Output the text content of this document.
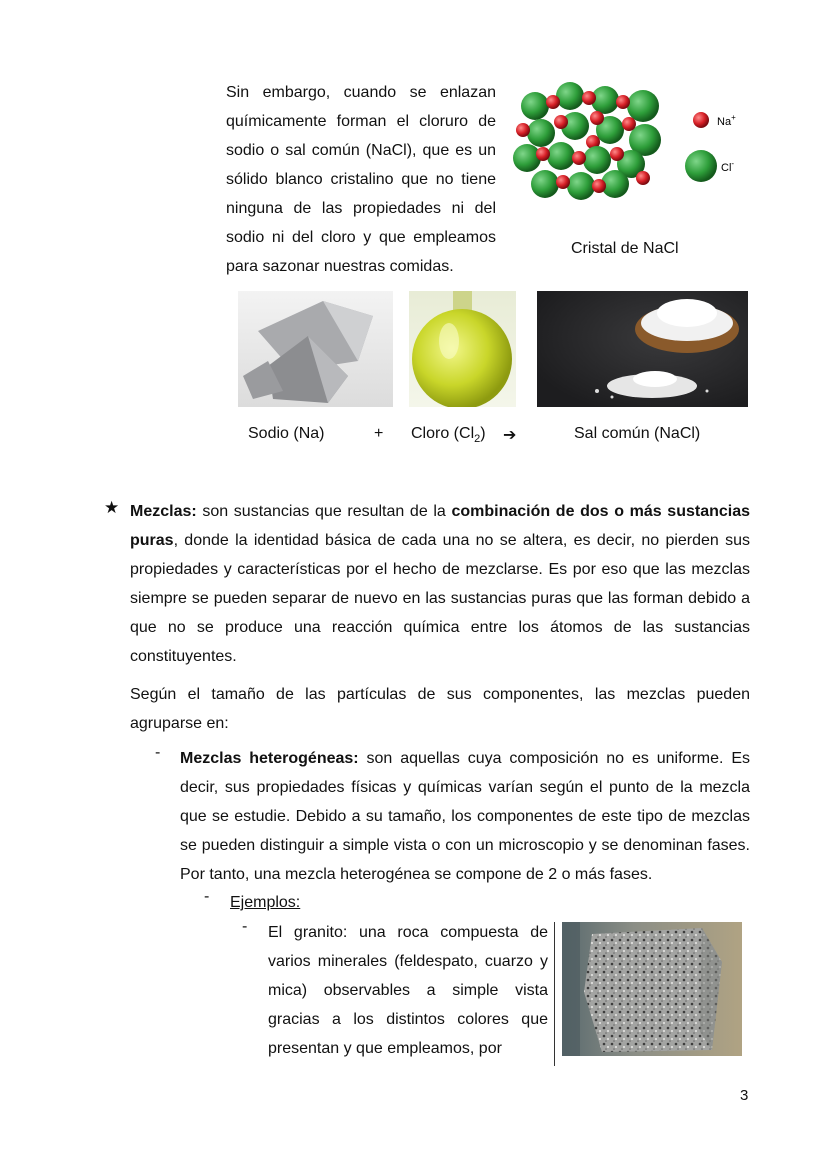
Sin embargo, cuando se enlazan químicamente forman el cloruro de sodio o sal común (NaCl), que es un sólido blanco cristalino que no tiene ninguna de las propiedades ni del sodio ni del cloro y que empleamos para sazonar nuestras comidas.
Na+
Cl-
Cristal de NaCl
Sodio (Na)	+ Cloro $(Cl_2)$ ➔	Sal común (NaCl)
★ Mezclas: son sustancias que resultan de la combinación de dos o más sustancias puras, donde la identidad básica de cada una no se altera, es decir, no pierden sus propiedades y características por el hecho de mezclarse. Es por eso que las mezclas siempre se pueden separar de nuevo en las sustancias puras que las forman debido a que no se produce una reacción química entre los átomos de las sustancias constituyentes.
Según el tamaño de las partículas de sus componentes, las mezclas pueden agruparse en:
- Mezclas heterogéneas: son aquellas cuya composición no es uniforme. Es decir, sus propiedades físicas y químicas varían según el punto de la mezcla que se estudie. Debido a su tamaño, los componentes de este tipo de mezclas se pueden distinguir a simple vista o con un microscopio y se denominan fases. Por tanto, una mezcla heterogénea se compone de 2 o más fases.
- Ejemplos:
- El granito: una roca compuesta de varios minerales (feldespato, cuarzo y mica) observables a simple vista gracias a los distintos colores que presentan y que empleamos, por
3
